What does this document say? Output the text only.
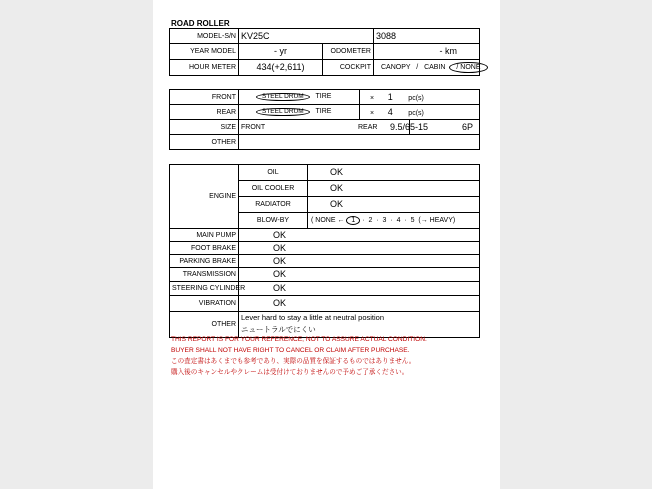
ROAD ROLLER
MODEL-S/N	KV25C		3088
YEAR MODEL	- yr	ODOMETER	- km
HOUR METER	434(+2,611)	COCKPIT	CANOPY / CABIN / NONE
FRONT	STEEL DRUM TIRE	× 1 pc(s)	
REAR	STEEL DRUM TIRE	× 4 pc(s)	
SIZE	FRONT		REAR 9.5/65-15 6P

OTHER			
ENGINE	OIL	OK
	OIL COOLER	OK
	RADIATOR	OK
	BLOW-BY	( NONE ← 1 · 2 · 3 · 4 · 5 (→ HEAVY)
MAIN PUMP	OK	
FOOT BRAKE	OK	
PARKING BRAKE	OK	
TRANSMISSION	OK	
STEERING CYLINDER	OK	
VIBRATION	OK	
OTHER	Lever hard to stay a little at neutral position
ニュートラルでにくい	
THIS REPORT IS FOR YOUR REFERENCE, NOT TO ASSURE ACTUAL CONDITION.
BUYER SHALL NOT HAVE RIGHT TO CANCEL OR CLAIM AFTER PURCHASE.
この査定書はあくまでも参考であり、実際の品質を保証するものではありません。
購入後のキャンセルやクレームは受付けておりませんので予めご了承ください。
